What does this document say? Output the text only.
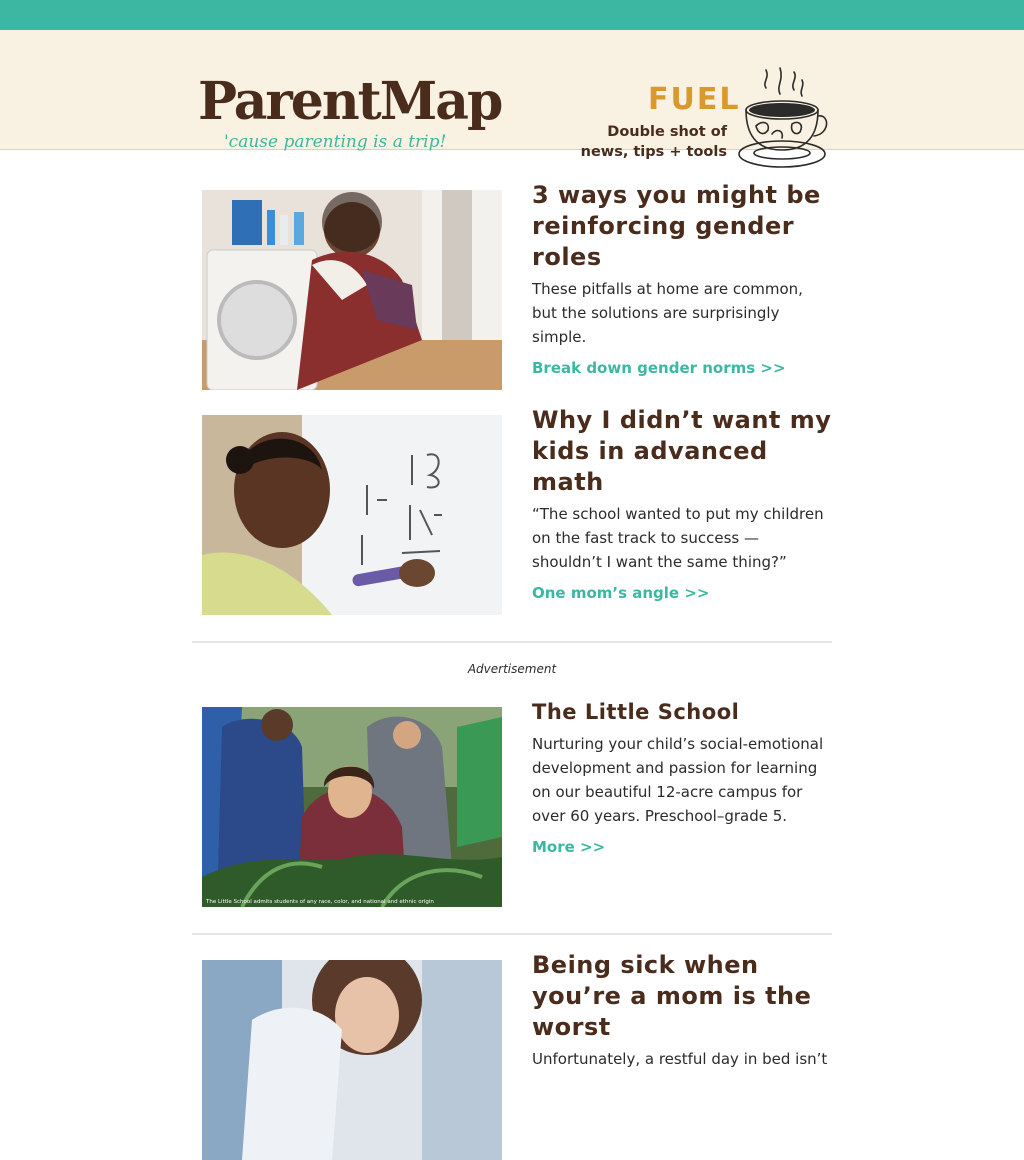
ParentMap
'cause parenting is a trip!
FUEL
Double shot of
news, tips + tools
3 ways you might be reinforcing gender roles

These pitfalls at home are common, but the solutions are surprisingly simple.

Break down gender norms >>
Why I didn’t want my kids in advanced math

“The school wanted to put my children on the fast track to success — shouldn’t I want the same thing?”

One mom’s angle >>
Advertisement
The Little School admits students of any race, color, and national and ethnic origin
The Little School

Nurturing your child’s social-emotional development and passion for learning on our beautiful 12-acre campus for over 60 years. Preschool–grade 5.

More >>
Being sick when you’re a mom is the worst

Unfortunately, a restful day in bed isn’t
